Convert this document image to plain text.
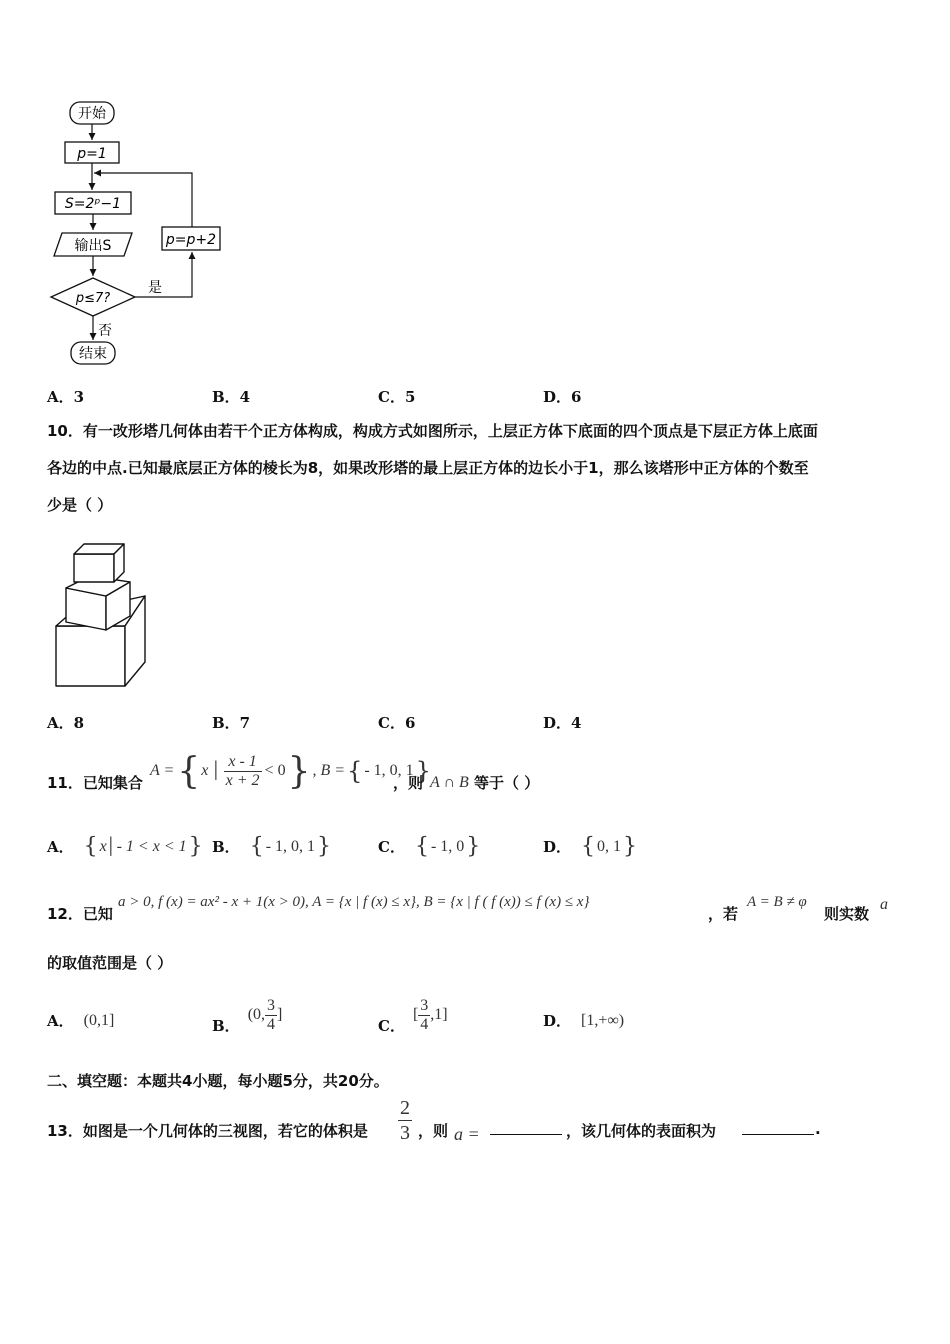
开始
p=1
S=2ᵖ−1
输出S
p≤7?
是
p=p+2
否
结束
A．3	B．4	C．5	D．6
10．有一改形塔几何体由若干个正方体构成，构成方式如图所示，上层正方体下底面的四个顶点是下层正方体上底面
各边的中点.已知最底层正方体的棱长为8，如果改形塔的最上层正方体的边长小于1，那么该塔形中正方体的个数至
少是（ ）
A．8	B．7	C．6	D．4
11．已知集合
A = { x │ $\frac{x - 1}{x + 2} < 0$ } , B = { - 1, 0, 1 }
，则 A ∩ B 等于（ ）
A． { x│- 1 < x < 1 } B． { - 1, 0, 1 }	C． { - 1, 0 }	D． { 0, 1 }
12．已知
a > 0, f (x) = ax² - x + 1(x > 0), A = {x | f (x) ≤ x}, B = {x | f ( f (x)) ≤ f (x) ≤ x}
，若
A = B ≠ φ
则实数
a
的取值范围是（ ）
A． (0,1]	B．
(0, $\frac{3}{4}$ ]
C．
[ $\frac{3}{4} ,1$]	D． [1,+∞)
二、填空题：本题共4小题，每小题5分，共20分。
13．如图是一个几何体的三视图，若它的体积是 $\frac{2}{3}$ ，则 a =	，该几何体的表面积为	.
